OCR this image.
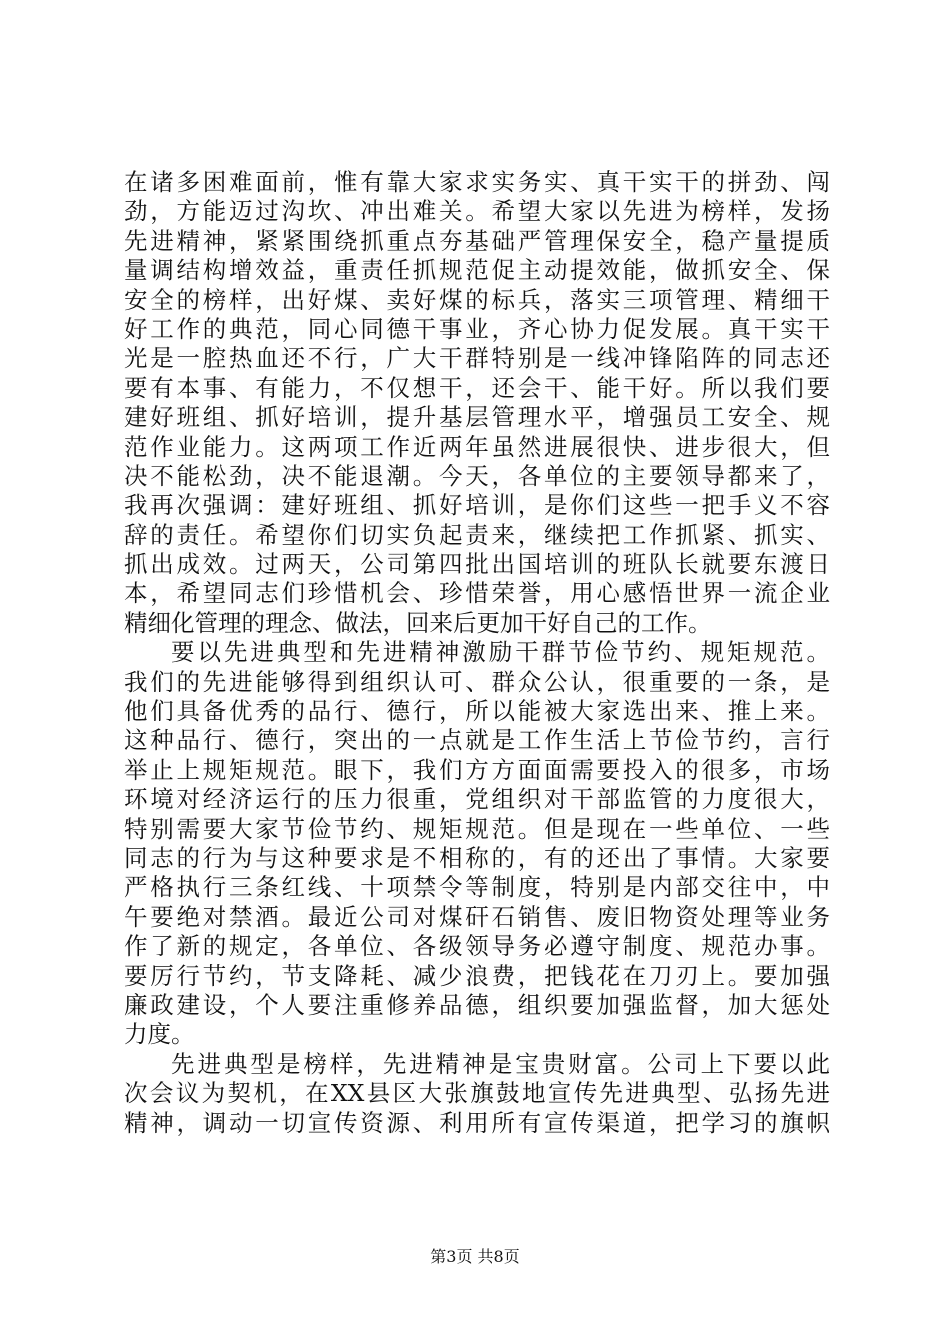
在诸多困难面前，惟有靠大家求实务实、真干实干的拼劲、闯
劲，方能迈过沟坎、冲出难关。希望大家以先进为榜样，发扬
先进精神，紧紧围绕抓重点夯基础严管理保安全，稳产量提质
量调结构增效益，重责任抓规范促主动提效能，做抓安全、保
安全的榜样，出好煤、卖好煤的标兵，落实三项管理、精细干
好工作的典范，同心同德干事业，齐心协力促发展。真干实干
光是一腔热血还不行，广大干群特别是一线冲锋陷阵的同志还
要有本事、有能力，不仅想干，还会干、能干好。所以我们要
建好班组、抓好培训，提升基层管理水平，增强员工安全、规
范作业能力。这两项工作近两年虽然进展很快、进步很大，但
决不能松劲，决不能退潮。今天，各单位的主要领导都来了，
我再次强调：建好班组、抓好培训，是你们这些一把手义不容
辞的责任。希望你们切实负起责来，继续把工作抓紧、抓实、
抓出成效。过两天，公司第四批出国培训的班队长就要东渡日
本，希望同志们珍惜机会、珍惜荣誉，用心感悟世界一流企业
精细化管理的理念、做法，回来后更加干好自己的工作。
要以先进典型和先进精神激励干群节俭节约、规矩规范。
我们的先进能够得到组织认可、群众公认，很重要的一条，是
他们具备优秀的品行、德行，所以能被大家选出来、推上来。
这种品行、德行，突出的一点就是工作生活上节俭节约，言行
举止上规矩规范。眼下，我们方方面面需要投入的很多，市场
环境对经济运行的压力很重，党组织对干部监管的力度很大，
特别需要大家节俭节约、规矩规范。但是现在一些单位、一些
同志的行为与这种要求是不相称的，有的还出了事情。大家要
严格执行三条红线、十项禁令等制度，特别是内部交往中，中
午要绝对禁酒。最近公司对煤矸石销售、废旧物资处理等业务
作了新的规定，各单位、各级领导务必遵守制度、规范办事。
要厉行节约，节支降耗、减少浪费，把钱花在刀刃上。要加强
廉政建设，个人要注重修养品德，组织要加强监督，加大惩处
力度。
先进典型是榜样，先进精神是宝贵财富。公司上下要以此
次会议为契机，在XX县区大张旗鼓地宣传先进典型、弘扬先进
精神，调动一切宣传资源、利用所有宣传渠道，把学习的旗帜
第3页 共8页
